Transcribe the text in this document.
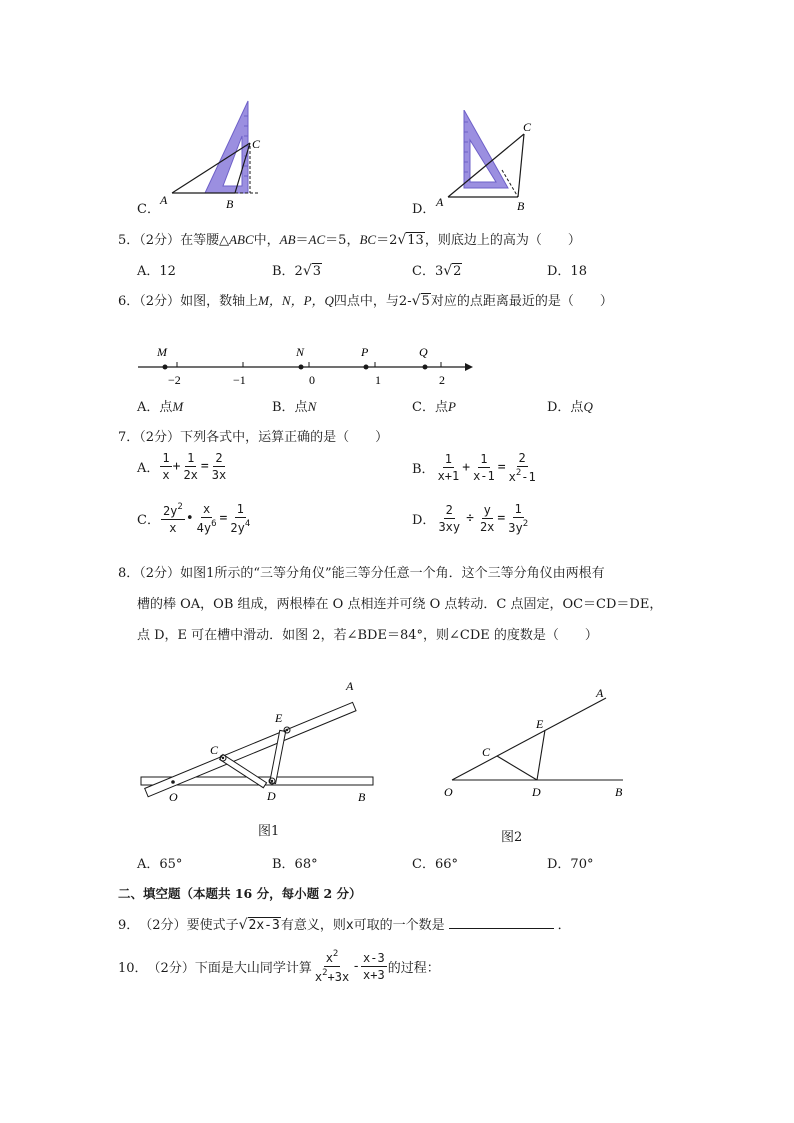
C．
A	B
C
D． A	B
C
5．（2分）在等腰△ABC中，AB＝AC＝5，BC＝2√13，则底边上的高为（　　）
A．12	B．2√3	C．3√2	D．18
6．（2分）如图，数轴上M，N，P，Q四点中，与2-√5对应的点距离最近的是（　　）
−2	−1	0	1	2
M	N	P	Q
A．点M	B．点N	C．点P	D．点Q
7．（2分）下列各式中，运算正确的是（　　）
A． $\frac{1}{x} + \frac{1}{2x} = \frac{2}{3x}$	B． $\frac{1}{x+1} + \frac{1}{x-1} = \frac{2}{x^2-1}$
C． $\frac{2y^2}{x}$ • $\frac{x}{4y^6} = \frac{1}{2y^4}$	D． $\frac{2}{3xy} \div \frac{y}{2x} = \frac{1}{3y^2}$
8．（2分）如图1所示的“三等分角仪”能三等分任意一个角．这个三等分角仪由两根有
槽的棒 OA，OB 组成，两根棒在 O 点相连并可绕 O 点转动．C 点固定，OC＝CD＝DE，
点 D，E 可在槽中滑动．如图 2，若∠BDE＝84°，则∠CDE 的度数是（　　）
O
C
D
E
B
A
图1
O
C
D
E
B
A
图2
A．65°	B．68°	C．66°	D．70°
二、填空题（本题共 16 分，每小题 2 分）
9． （2分） 要使式子 √ 2x-3 有意义，则 x 可取的一个数是	．
10． （2分） 下面是大山同学计算 $\frac{x^2}{x^2+3x} - \frac{x-3}{x+3}$ 的过程：
